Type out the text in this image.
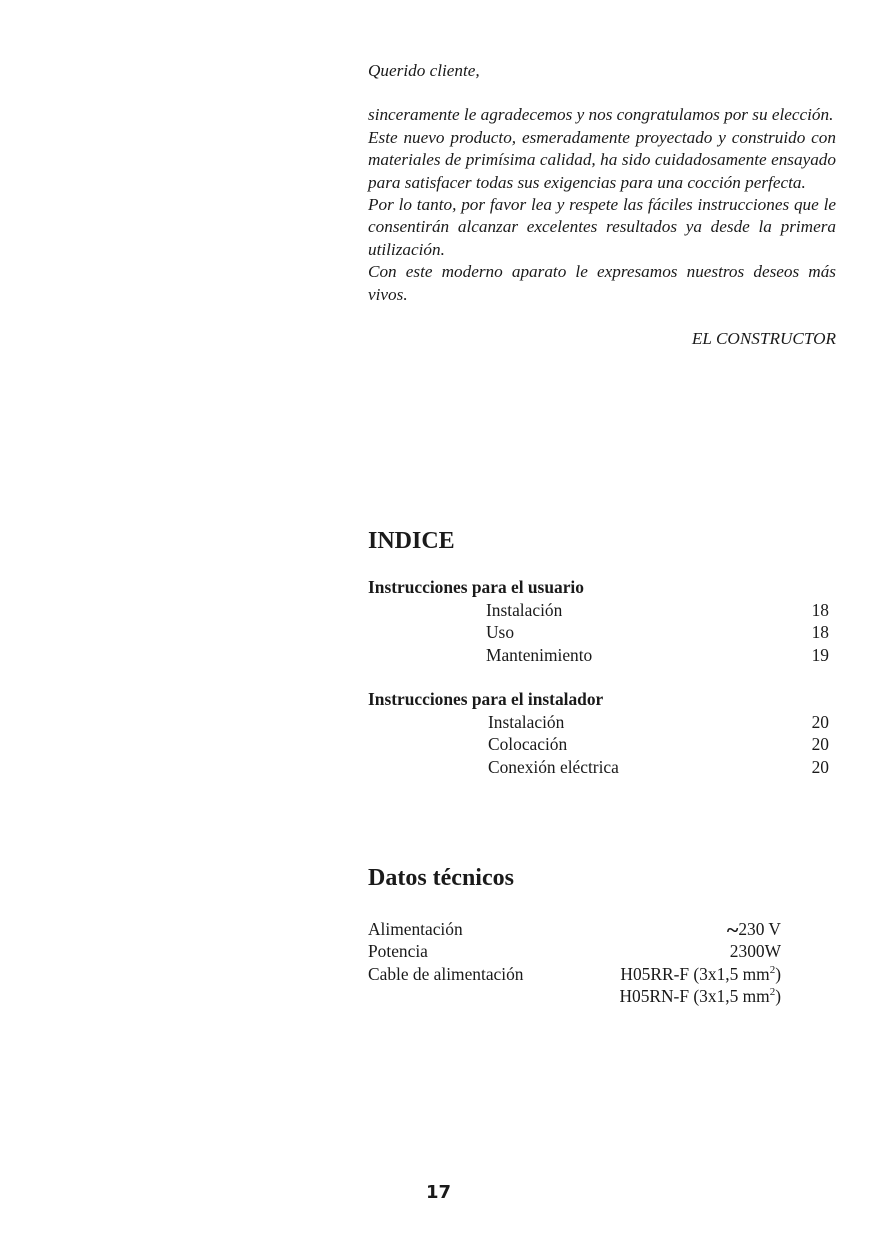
Querido cliente,

sinceramente le agradecemos y nos congratulamos por su elección.

Este nuevo producto, esmeradamente proyectado y construido con materiales de primísima calidad, ha sido cuidadosamente ensayado para satisfacer todas sus exigencias para una cocción perfecta.

Por lo tanto, por favor lea y respete las fáciles instrucciones que le consentirán alcanzar excelentes resultados ya desde la primera utilización.

Con este moderno aparato le expresamos nuestros deseos más vivos.

EL CONSTRUCTOR

INDICE
Instrucciones para el usuario
Instalación	18
Uso	18
Mantenimiento	19
Instrucciones para el instalador
Instalación	20
Colocación	20
Conexión eléctrica	20
Datos técnicos
Alimentación	~230 V
Potencia	2300W
Cable de alimentación	H05RR-F (3x1,5 $mm^2$)
H05RN-F (3x1,5 $mm^2$)
17
